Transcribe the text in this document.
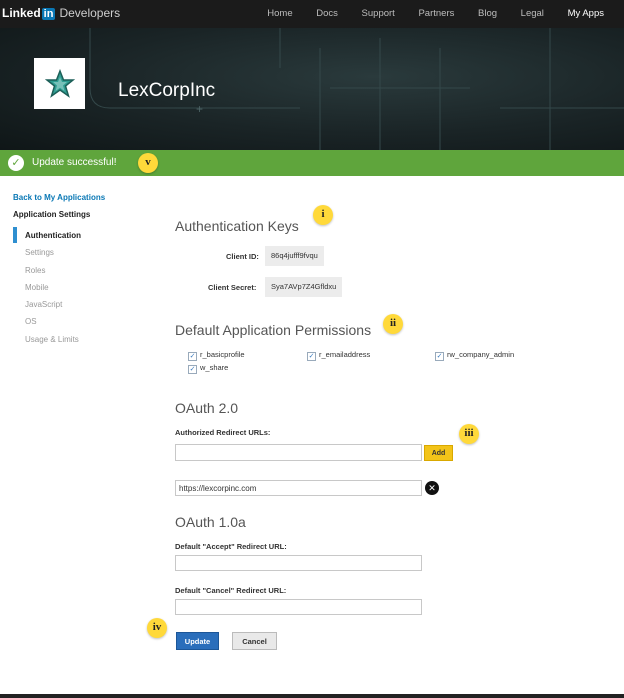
Linked in Developers	Home Docs Support Partners Blog Legal My Apps
LexCorpInc
+
✓	Update successful!	v
Back to My Applications
Application Settings
Authentication
Settings
Roles
Mobile
JavaScript
OS
Usage & Limits
Authentication Keys
i
Client ID:	86q4jufff9fvqu
Client Secret:	Sya7AVp7Z4Gfldxu
Default Application Permissions	ii
✓ r_basicprofile	✓ r_emailaddress	✓ rw_company_admin
✓ w_share
OAuth 2.0
Authorized Redirect URLs:	iii
Add
https://lexcorpinc.com	✕
OAuth 1.0a
Default "Accept" Redirect URL:
Default "Cancel" Redirect URL:
iv
Update	Cancel
